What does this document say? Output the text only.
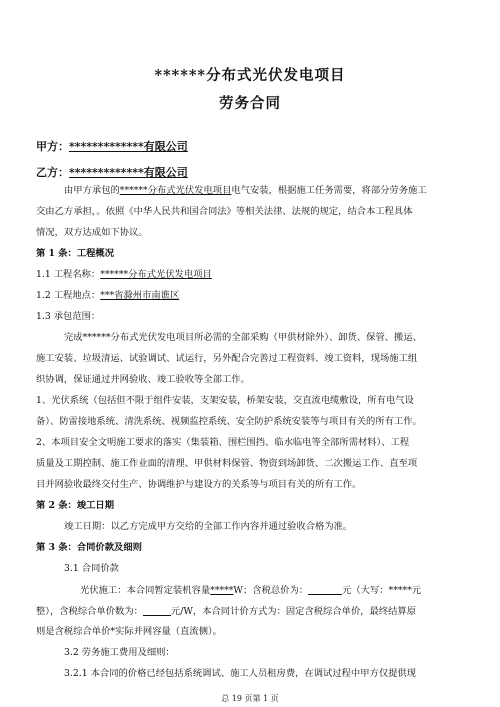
******分布式光伏发电项目
劳务合同
甲方：*************有限公司
乙方：*************有限公司
由甲方承包的******分布式光伏发电项目电气安装，根据施工任务需要，将部分劳务施工
交由乙方承担，。依照《中华人民共和国合同法》等相关法律、法规的规定，结合本工程具体
情况，双方达成如下协议。
第 1 条：工程概况
1.1 工程名称：******分布式光伏发电项目
1.2 工程地点：***省滁州市南谯区
1.3 承包范围：
完成******分布式光伏发电项目所必需的全部采购（甲供材除外）、卸货、保管、搬运、
施工安装、垃圾清运、试验调试、试运行，另外配合完善过工程资料、竣工资料，现场施工组
织协调，保证通过并网验收、竣工验收等全部工作。
1、光伏系统（包括但不限于组件安装，支架安装，桥架安装，交直流电缆敷设，所有电气设
备）、防雷接地系统、清洗系统、视频监控系统、安全防护系统安装等与项目有关的所有工作。
2、本项目安全文明施工要求的落实（集装箱、围栏围挡、临水临电等全部所需材料）、工程
质量及工期控制、施工作业面的清理、甲供材料保管、物资到场卸货、二次搬运工作、直至项
目并网验收最终交付生产、协调维护与建设方的关系等与项目有关的所有工作。
第 2 条：竣工日期
竣工日期：以乙方完成甲方交给的全部工作内容并通过验收合格为准。
第 3 条：合同价款及细则
3.1 合同价款
光伏施工：本合同暂定装机容量*****W；含税总价为：	元（大写：*****元
整），含税综合单价数为：	元/W，本合同计价方式为：固定含税综合单价，最终结算原
则是含税综合单价*实际并网容量（直流侧）。
3.2 劳务施工费用及细则：
3.2.1 本合同的价格已经包括系统调试、施工人员租房费，在调试过程中甲方仅提供现
总 19 页第 1 页
